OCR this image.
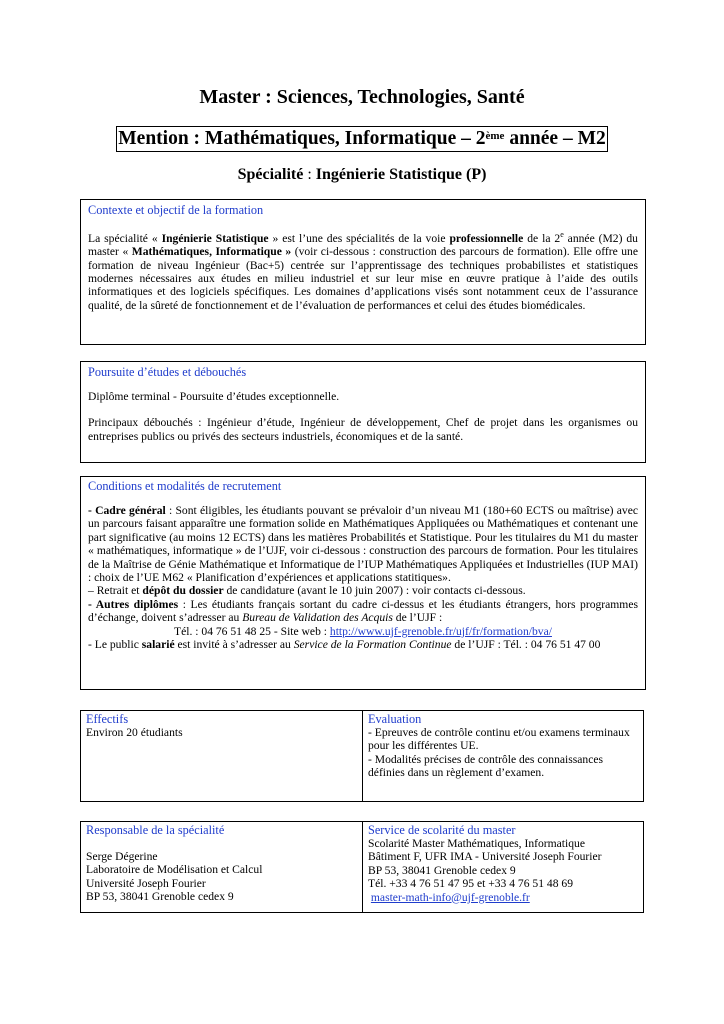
Master : Sciences, Technologies, Santé
Mention : Mathématiques, Informatique – 2ème année – M2
Spécialité : Ingénierie Statistique (P)
Contexte et objectif de la formation

La spécialité « Ingénierie Statistique » est l’une des spécialités de la voie professionnelle de la 2e année (M2) du master « Mathématiques, Informatique » (voir ci-dessous : construction des parcours de formation). Elle offre une formation de niveau Ingénieur (Bac+5) centrée sur l’apprentissage des techniques probabilistes et statistiques modernes nécessaires aux études en milieu industriel et sur leur mise en œuvre pratique à l’aide des outils informatiques et des logiciels spécifiques. Les domaines d’applications visés sont notamment ceux de l’assurance qualité, de la sûreté de fonctionnement et de l’évaluation de performances et celui des études biomédicales.

Poursuite d’études et débouchés

Diplôme terminal - Poursuite d’études exceptionnelle.

Principaux débouchés : Ingénieur d’étude, Ingénieur de développement, Chef de projet dans les organismes ou entreprises publics ou privés des secteurs industriels, économiques et de la santé.

Conditions et modalités de recrutement

- Cadre général : Sont éligibles, les étudiants pouvant se prévaloir d’un niveau M1 (180+60 ECTS ou maîtrise) avec un parcours faisant apparaître une formation solide en Mathématiques Appliquées ou Mathématiques et contenant une part significative (au moins 12 ECTS) dans les matières Probabilités et Statistique. Pour les titulaires du M1 du master « mathématiques, informatique » de l’UJF, voir ci-dessous : construction des parcours de formation. Pour les titulaires de la Maîtrise de Génie Mathématique et Informatique de l’IUP Mathématiques Appliquées et Industrielles (IUP MAI) : choix de l’UE M62 « Planification d’expériences et applications statitiques».

– Retrait et dépôt du dossier de candidature (avant le 10 juin 2007) : voir contacts ci-dessous.

- Autres diplômes : Les étudiants français sortant du cadre ci-dessus et les étudiants étrangers, hors programmes d’échange, doivent s’adresser au Bureau de Validation des Acquis de l’UJF :

Tél. : 04 76 51 48 25 - Site web : http://www.ujf-grenoble.fr/ujf/fr/formation/bva/

- Le public salarié est invité à s’adresser au Service de la Formation Continue de l’UJF : Tél. : 04 76 51 47 00

Effectifs
Environ 20 étudiants
Evaluation
- Epreuves de contrôle continu et/ou examens terminaux pour les différentes UE.
- Modalités précises de contrôle des connaissances définies dans un règlement d’examen.
Responsable de la spécialité
Serge Dégerine
Laboratoire de Modélisation et Calcul
Université Joseph Fourier
BP 53, 38041 Grenoble cedex 9
Service de scolarité du master
Scolarité Master Mathématiques, Informatique
Bâtiment F, UFR IMA - Université Joseph Fourier
BP 53, 38041 Grenoble cedex 9
Tél. +33 4 76 51 47 95 et +33 4 76 51 48 69
master-math-info@ujf-grenoble.fr
